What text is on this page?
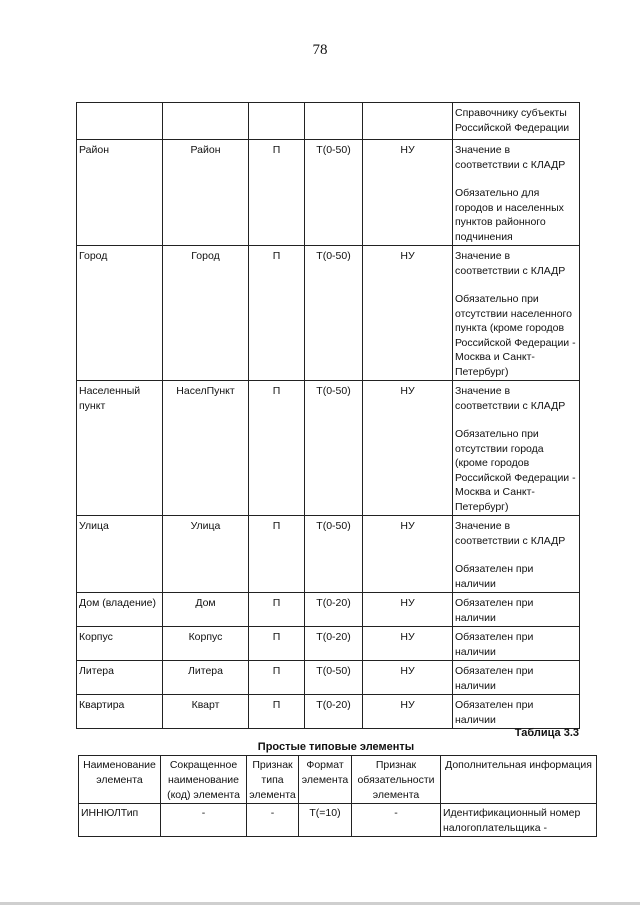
78

					Справочнику субъекты Российской Федерации

Район	Район	П	Т(0-50)	НУ	Значение в соответствии с КЛАДР

Обязательно для городов и населенных пунктов районного подчинения

Город	Город	П	Т(0-50)	НУ	Значение в соответствии с КЛАДР

Обязательно при отсутствии населенного пункта (кроме городов Российской Федерации - Москва и Санкт-Петербург)

Населенный пункт	НаселПункт	П	Т(0-50)	НУ	Значение в соответствии с КЛАДР

Обязательно при отсутствии города (кроме городов Российской Федерации - Москва и Санкт-Петербург)

Улица	Улица	П	Т(0-50)	НУ	Значение в соответствии с КЛАДР

Обязателен при наличии

Дом (владение)	Дом	П	Т(0-20)	НУ	Обязателен при наличии

Корпус	Корпус	П	Т(0-20)	НУ	Обязателен при наличии

Литера	Литера	П	Т(0-50)	НУ	Обязателен при наличии

Квартира	Кварт	П	Т(0-20)	НУ	Обязателен при наличии

Таблица 3.3
Простые типовые элементы
Наименование элемента	Сокращенное наименование (код) элемента	Признак типа элемента	Формат элемента	Признак обязательности элемента	Дополнительная информация
ИННЮЛТип	-	-	Т(=10)	-	Идентификационный номер налогоплательщика -
